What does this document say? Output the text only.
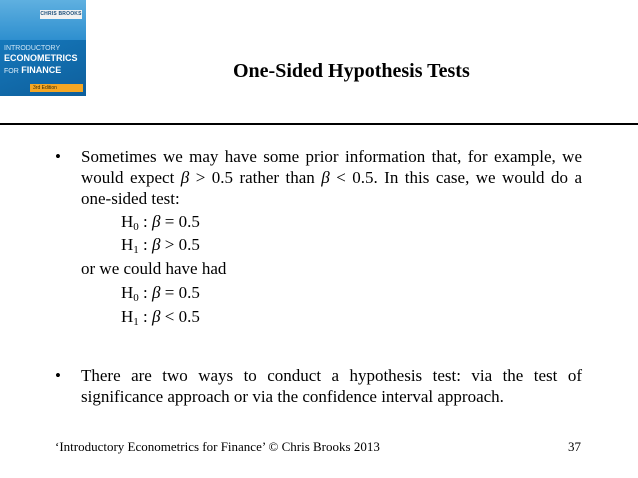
CHRIS BROOKS
INTRODUCTORY
ECONOMETRICS
FOR FINANCE
3rd Edition
One-Sided Hypothesis Tests
• Sometimes we may have some prior information that, for example, we
would expect β > 0.5 rather than β < 0.5. In this case, we would do a
one-sided test:
$H_0$ : β = 0.5
$H_1$ : β > 0.5
or we could have had
$H_0$ : β = 0.5
$H_1$ : β < 0.5
• There are two ways to conduct a hypothesis test: via the test of
significance approach or via the confidence interval approach.
‘Introductory Econometrics for Finance’ © Chris Brooks 2013	37
